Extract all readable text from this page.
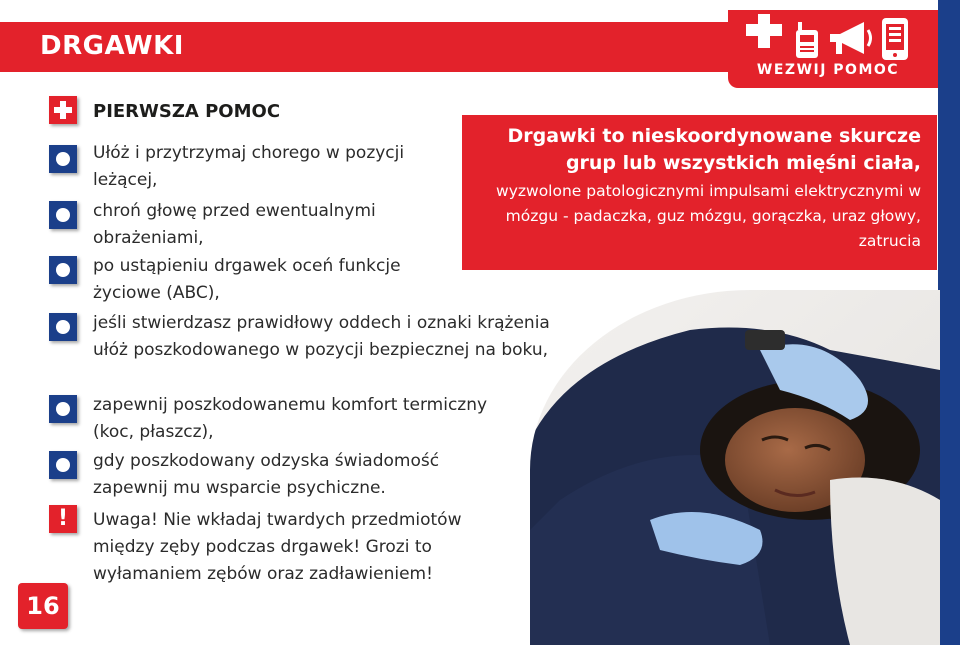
DRGAWKI
WEZWIJ POMOC
Drgawki to nieskoordynowane skurcze grup lub wszystkich mięśni ciała,
wyzwolone patologicznymi impulsami elektrycznymi w mózgu - padaczka, guz mózgu, gorączka, uraz głowy, zatrucia
PIERWSZA POMOC
Ułóż i przytrzymaj chorego w pozycji leżącej,
chroń głowę przed ewentualnymi obrażeniami,
po ustąpieniu drgawek oceń funkcje życiowe (ABC),
jeśli stwierdzasz prawidłowy oddech i oznaki krążenia ułóż poszkodowanego w pozycji bezpiecznej na boku,
zapewnij poszkodowanemu komfort termiczny (koc, płaszcz),
gdy poszkodowany odzyska świadomość zapewnij mu wsparcie psychiczne.
!	Uwaga! Nie wkładaj twardych przedmiotów między zęby podczas drgawek! Grozi to wyłamaniem zębów oraz zadławieniem!
16
